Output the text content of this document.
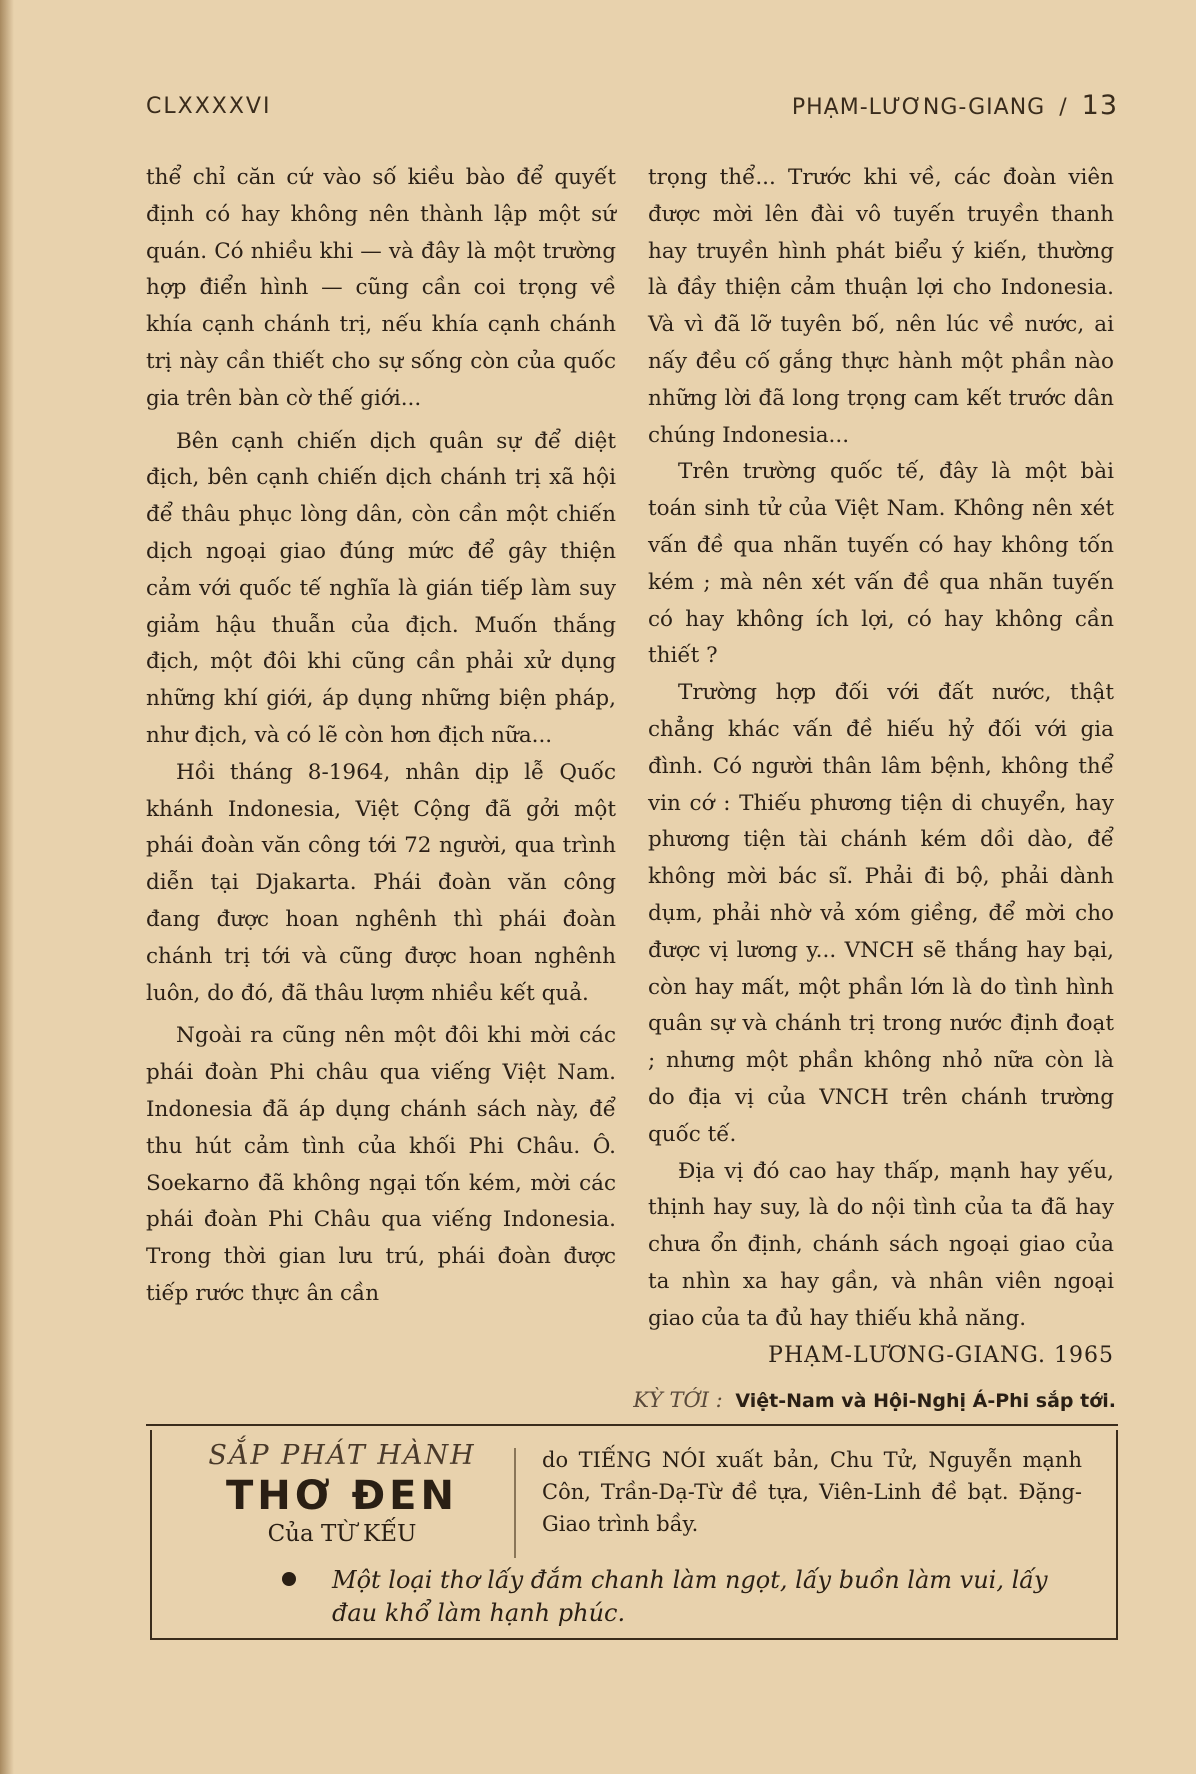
CLXXXXVI	PHẠM-LƯƠNG-GIANG / 13

thể chỉ căn cứ vào số kiều bào để quyết định có hay không nên thành lập một sứ quán. Có nhiều khi — và đây là một trường hợp điển hình — cũng cần coi trọng về khía cạnh chánh trị, nếu khía cạnh chánh trị này cần thiết cho sự sống còn của quốc gia trên bàn cờ thế giới...

Bên cạnh chiến dịch quân sự để diệt địch, bên cạnh chiến dịch chánh trị xã hội để thâu phục lòng dân, còn cần một chiến dịch ngoại giao đúng mức để gây thiện cảm với quốc tế nghĩa là gián tiếp làm suy giảm hậu thuẫn của địch. Muốn thắng địch, một đôi khi cũng cần phải xử dụng những khí giới, áp dụng những biện pháp, như địch, và có lẽ còn hơn địch nữa...

Hồi tháng 8-1964, nhân dịp lễ Quốc khánh Indonesia, Việt Cộng đã gởi một phái đoàn văn công tới 72 người, qua trình diễn tại Djakarta. Phái đoàn văn công đang được hoan nghênh thì phái đoàn chánh trị tới và cũng được hoan nghênh luôn, do đó, đã thâu lượm nhiều kết quả.

Ngoài ra cũng nên một đôi khi mời các phái đoàn Phi châu qua viếng Việt Nam. Indonesia đã áp dụng chánh sách này, để thu hút cảm tình của khối Phi Châu. Ô. Soekarno đã không ngại tốn kém, mời các phái đoàn Phi Châu qua viếng Indonesia. Trong thời gian lưu trú, phái đoàn được tiếp rước thực ân cần

trọng thể... Trước khi về, các đoàn viên được mời lên đài vô tuyến truyền thanh hay truyền hình phát biểu ý kiến, thường là đầy thiện cảm thuận lợi cho Indonesia. Và vì đã lỡ tuyên bố, nên lúc về nước, ai nấy đều cố gắng thực hành một phần nào những lời đã long trọng cam kết trước dân chúng Indonesia...

Trên trường quốc tế, đây là một bài toán sinh tử của Việt Nam. Không nên xét vấn đề qua nhãn tuyến có hay không tốn kém ; mà nên xét vấn đề qua nhãn tuyến có hay không ích lợi, có hay không cần thiết ?

Trường hợp đối với đất nước, thật chẳng khác vấn đề hiếu hỷ đối với gia đình. Có người thân lâm bệnh, không thể vin cớ : Thiếu phương tiện di chuyển, hay phương tiện tài chánh kém dồi dào, để không mời bác sĩ. Phải đi bộ, phải dành dụm, phải nhờ vả xóm giềng, để mời cho được vị lương y... VNCH sẽ thắng hay bại, còn hay mất, một phần lớn là do tình hình quân sự và chánh trị trong nước định đoạt ; nhưng một phần không nhỏ nữa còn là do địa vị của VNCH trên chánh trường quốc tế.

Địa vị đó cao hay thấp, mạnh hay yếu, thịnh hay suy, là do nội tình của ta đã hay chưa ổn định, chánh sách ngoại giao của ta nhìn xa hay gần, và nhân viên ngoại giao của ta đủ hay thiếu khả năng.

PHẠM-LƯƠNG-GIANG. 1965

KỲ TỚI : Việt-Nam và Hội-Nghị Á-Phi sắp tới.
SẮP PHÁT HÀNH
THƠ ĐEN
Của TỪ KẾU
do TIẾNG NÓI xuất bản, Chu Tử, Nguyễn mạnh Côn, Trần-Dạ-Từ đề tựa, Viên-Linh đề bạt. Đặng-Giao trình bầy.
Một loại thơ lấy đắm chanh làm ngọt, lấy buồn làm vui, lấy đau khổ làm hạnh phúc.
